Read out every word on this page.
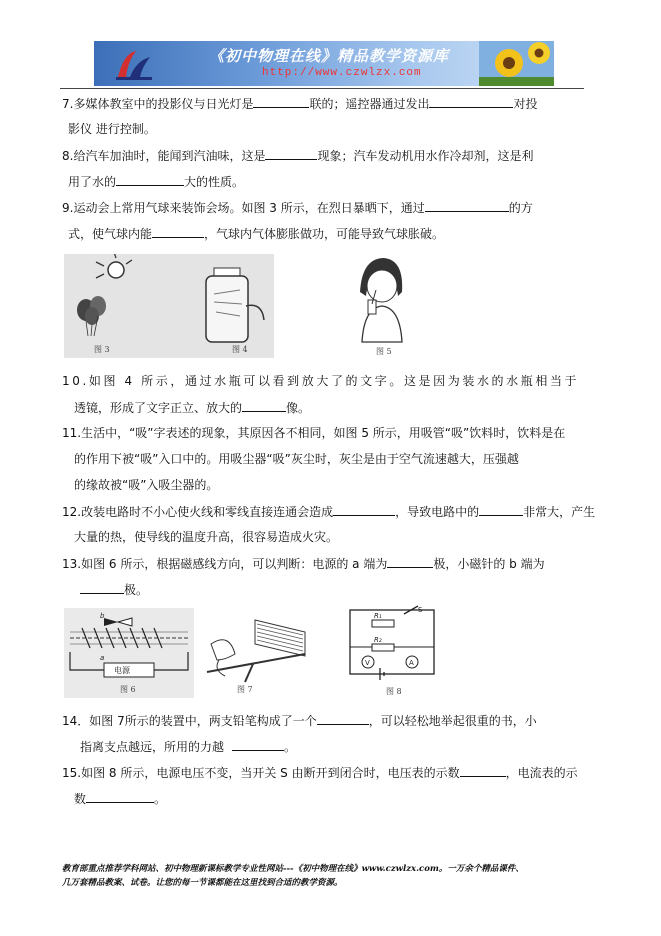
《初中物理在线》精品教学资源库
http://www.czwlzx.com
7.多媒体教室中的投影仪与日光灯是	联的；遥控器通过发出	对投
影仪 进行控制。
8.给汽车加油时，能闻到汽油味，这是	现象；汽车发动机用水作冷却剂，这是利
用了水的	大的性质。
9.运动会上常用气球来装饰会场。如图 3 所示，在烈日暴晒下，通过	的方
式，使气球内能	，气球内气体膨胀做功，可能导致气球胀破。
图 3	图 4	图 5
10.如图 4 所示，通过水瓶可以看到放大了的文字。这是因为装水的水瓶相当于
透镜，形成了文字正立、放大的	像。
11.生活中，“吸”字表述的现象，其原因各不相同，如图 5 所示，用吸管“吸”饮料时，饮料是在
的作用下被“吸”入口中的。用吸尘器“吸”灰尘时，灰尘是由于空气流速越大，压强越
的缘故被“吸”入吸尘器的。
12.改装电路时不小心使火线和零线直接连通会造成	，导致电路中的	非常大，产生
大量的热，使导线的温度升高，很容易造成火灾。
13.如图 6 所示，根据磁感线方向，可以判断：电源的 a 端为	极，小磁针的 b 端为
极。
电源
a
b
图 6	图 7
R₁
R₂
S
V	A
图 8
14．如图 7所示的装置中，两支铅笔构成了一个	，可以轻松地举起很重的书，小
指离支点越远，所用的力越	。
15.如图 8 所示，电源电压不变，当开关 S 由断开到闭合时，电压表的示数	，电流表的示
数	。
教育部重点推荐学科网站、初中物理新课标教学专业性网站---《初中物理在线》www.czwlzx.com。一万余个精品课件、
几万套精品教案、试卷。让您的每一节课都能在这里找到合适的教学资源。
